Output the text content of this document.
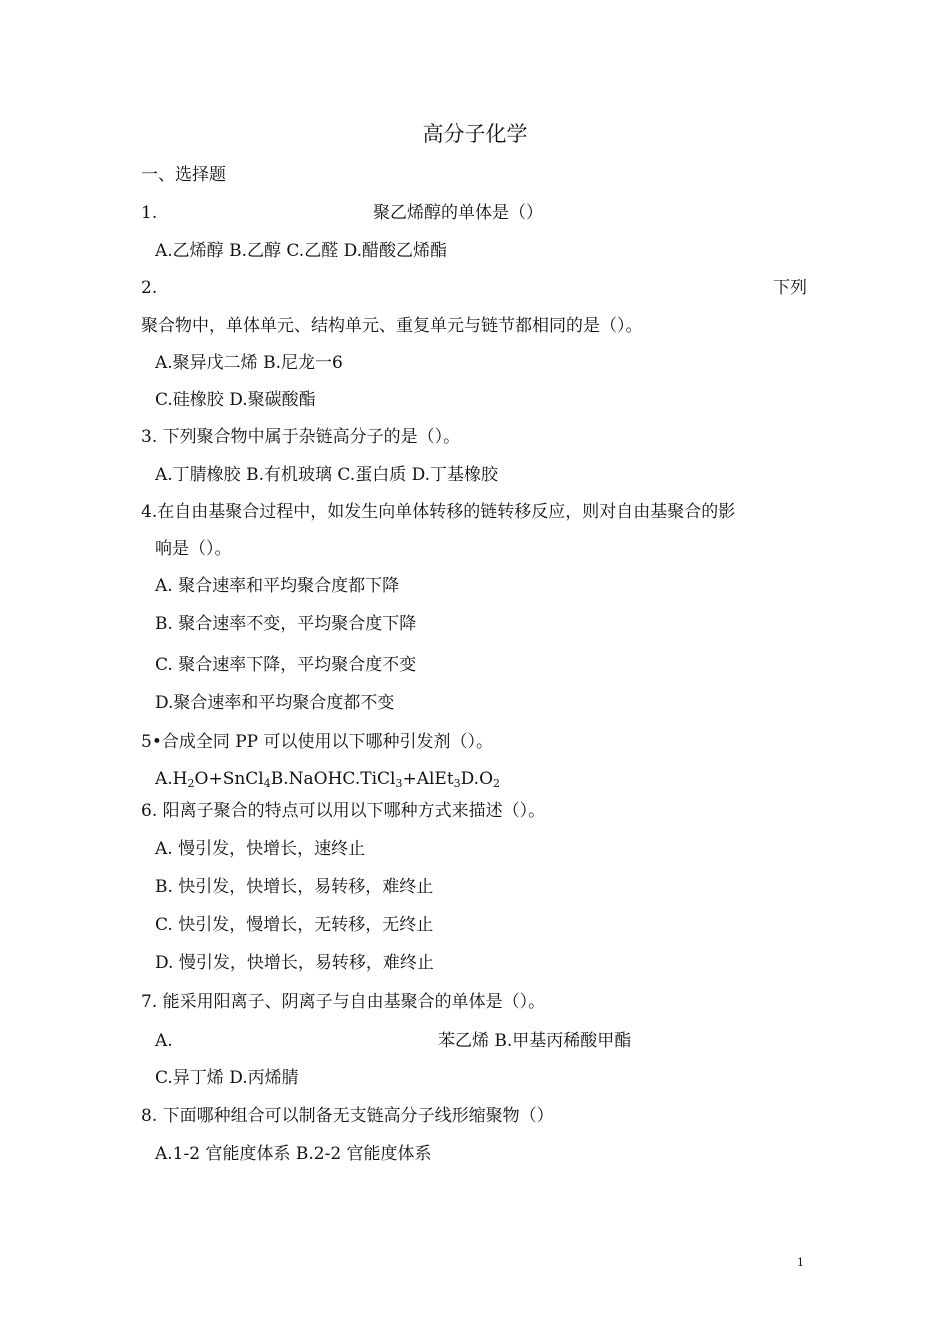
高分子化学
一、选择题
1.	聚乙烯醇的单体是（）
A.乙烯醇 B.乙醇 C.乙醛 D.醋酸乙烯酯
2.	下列
聚合物中，单体单元、结构单元、重复单元与链节都相同的是（）。
A.聚异戊二烯 B.尼龙一6
C.硅橡胶 D.聚碳酸酯
3. 下列聚合物中属于杂链高分子的是（）。
A.丁腈橡胶 B.有机玻璃 C.蛋白质 D.丁基橡胶
4.在自由基聚合过程中，如发生向单体转移的链转移反应，则对自由基聚合的影
响是（）。
A. 聚合速率和平均聚合度都下降
B. 聚合速率不变，平均聚合度下降
C. 聚合速率下降，平均聚合度不变
D.聚合速率和平均聚合度都不变
5•合成全同 PP 可以使用以下哪种引发剂（）。
$A.H_2O+SnCl_4B.NaOHC.TiCl_3+AlEt_3D.O_2$
6. 阳离子聚合的特点可以用以下哪种方式来描述（）。
A. 慢引发，快增长，速终止
B. 快引发，快增长，易转移，难终止
C. 快引发，慢增长，无转移，无终止
D. 慢引发，快增长，易转移，难终止
7. 能采用阳离子、阴离子与自由基聚合的单体是（）。
A.	苯乙烯 B.甲基丙稀酸甲酯
C.异丁烯 D.丙烯腈
8. 下面哪种组合可以制备无支链高分子线形缩聚物（）
A.1-2 官能度体系 B.2-2 官能度体系
1
